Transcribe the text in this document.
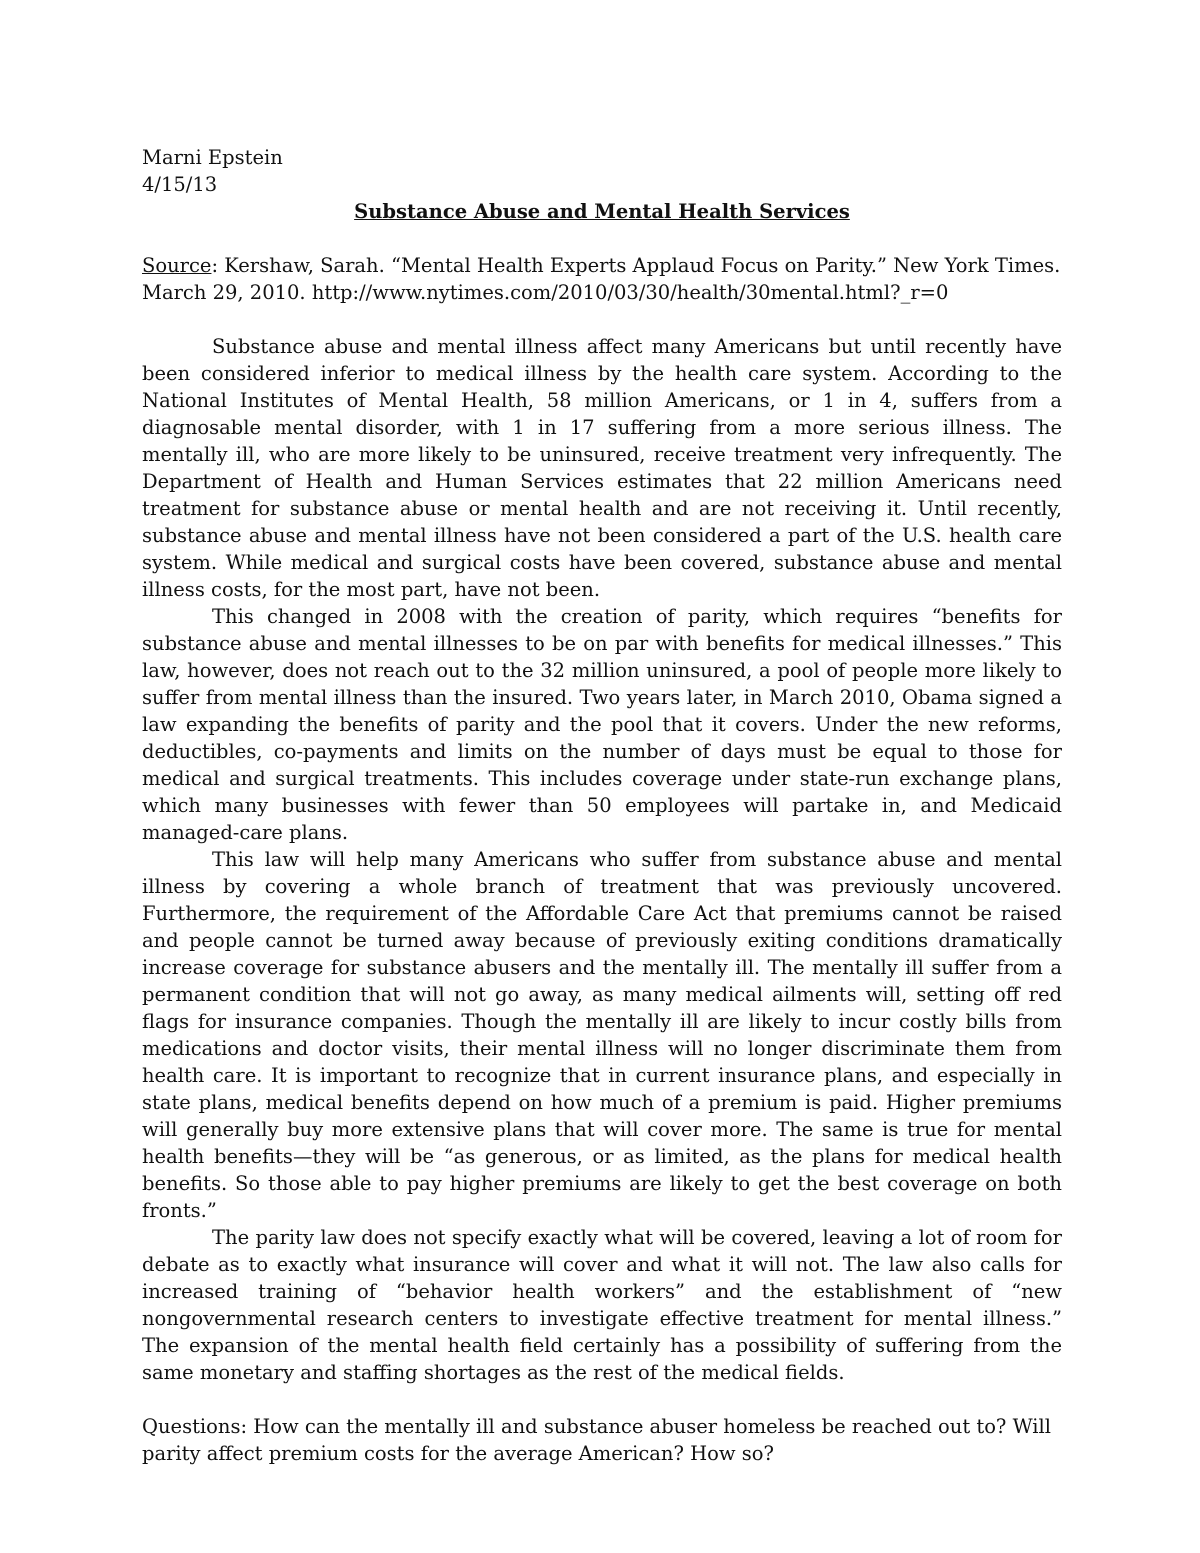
Marni Epstein
4/15/13
Substance Abuse and Mental Health Services
Source: Kershaw, Sarah. “Mental Health Experts Applaud Focus on Parity.” New York Times.
March 29, 2010. http://www.nytimes.com/2010/03/30/health/30mental.html?_r=0

Substance abuse and mental illness affect many Americans but until recently have been considered inferior to medical illness by the health care system. According to the National Institutes of Mental Health, 58 million Americans, or 1 in 4, suffers from a diagnosable mental disorder, with 1 in 17 suffering from a more serious illness. The mentally ill, who are more likely to be uninsured, receive treatment very infrequently. The Department of Health and Human Services estimates that 22 million Americans need treatment for substance abuse or mental health and are not receiving it. Until recently, substance abuse and mental illness have not been considered a part of the U.S. health care system. While medical and surgical costs have been covered, substance abuse and mental illness costs, for the most part, have not been.

This changed in 2008 with the creation of parity, which requires “benefits for substance abuse and mental illnesses to be on par with benefits for medical illnesses.” This law, however, does not reach out to the 32 million uninsured, a pool of people more likely to suffer from mental illness than the insured. Two years later, in March 2010, Obama signed a law expanding the benefits of parity and the pool that it covers. Under the new reforms, deductibles, co-payments and limits on the number of days must be equal to those for medical and surgical treatments. This includes coverage under state-run exchange plans, which many businesses with fewer than 50 employees will partake in, and Medicaid managed-care plans.

This law will help many Americans who suffer from substance abuse and mental illness by covering a whole branch of treatment that was previously uncovered. Furthermore, the requirement of the Affordable Care Act that premiums cannot be raised and people cannot be turned away because of previously exiting conditions dramatically increase coverage for substance abusers and the mentally ill. The mentally ill suffer from a permanent condition that will not go away, as many medical ailments will, setting off red flags for insurance companies. Though the mentally ill are likely to incur costly bills from medications and doctor visits, their mental illness will no longer discriminate them from health care. It is important to recognize that in current insurance plans, and especially in state plans, medical benefits depend on how much of a premium is paid. Higher premiums will generally buy more extensive plans that will cover more. The same is true for mental health benefits—they will be “as generous, or as limited, as the plans for medical health benefits. So those able to pay higher premiums are likely to get the best coverage on both fronts.”

The parity law does not specify exactly what will be covered, leaving a lot of room for debate as to exactly what insurance will cover and what it will not. The law also calls for increased training of “behavior health workers” and the establishment of “new nongovernmental research centers to investigate effective treatment for mental illness.” The expansion of the mental health field certainly has a possibility of suffering from the same monetary and staffing shortages as the rest of the medical fields.

Questions: How can the mentally ill and substance abuser homeless be reached out to? Will parity affect premium costs for the average American? How so?
